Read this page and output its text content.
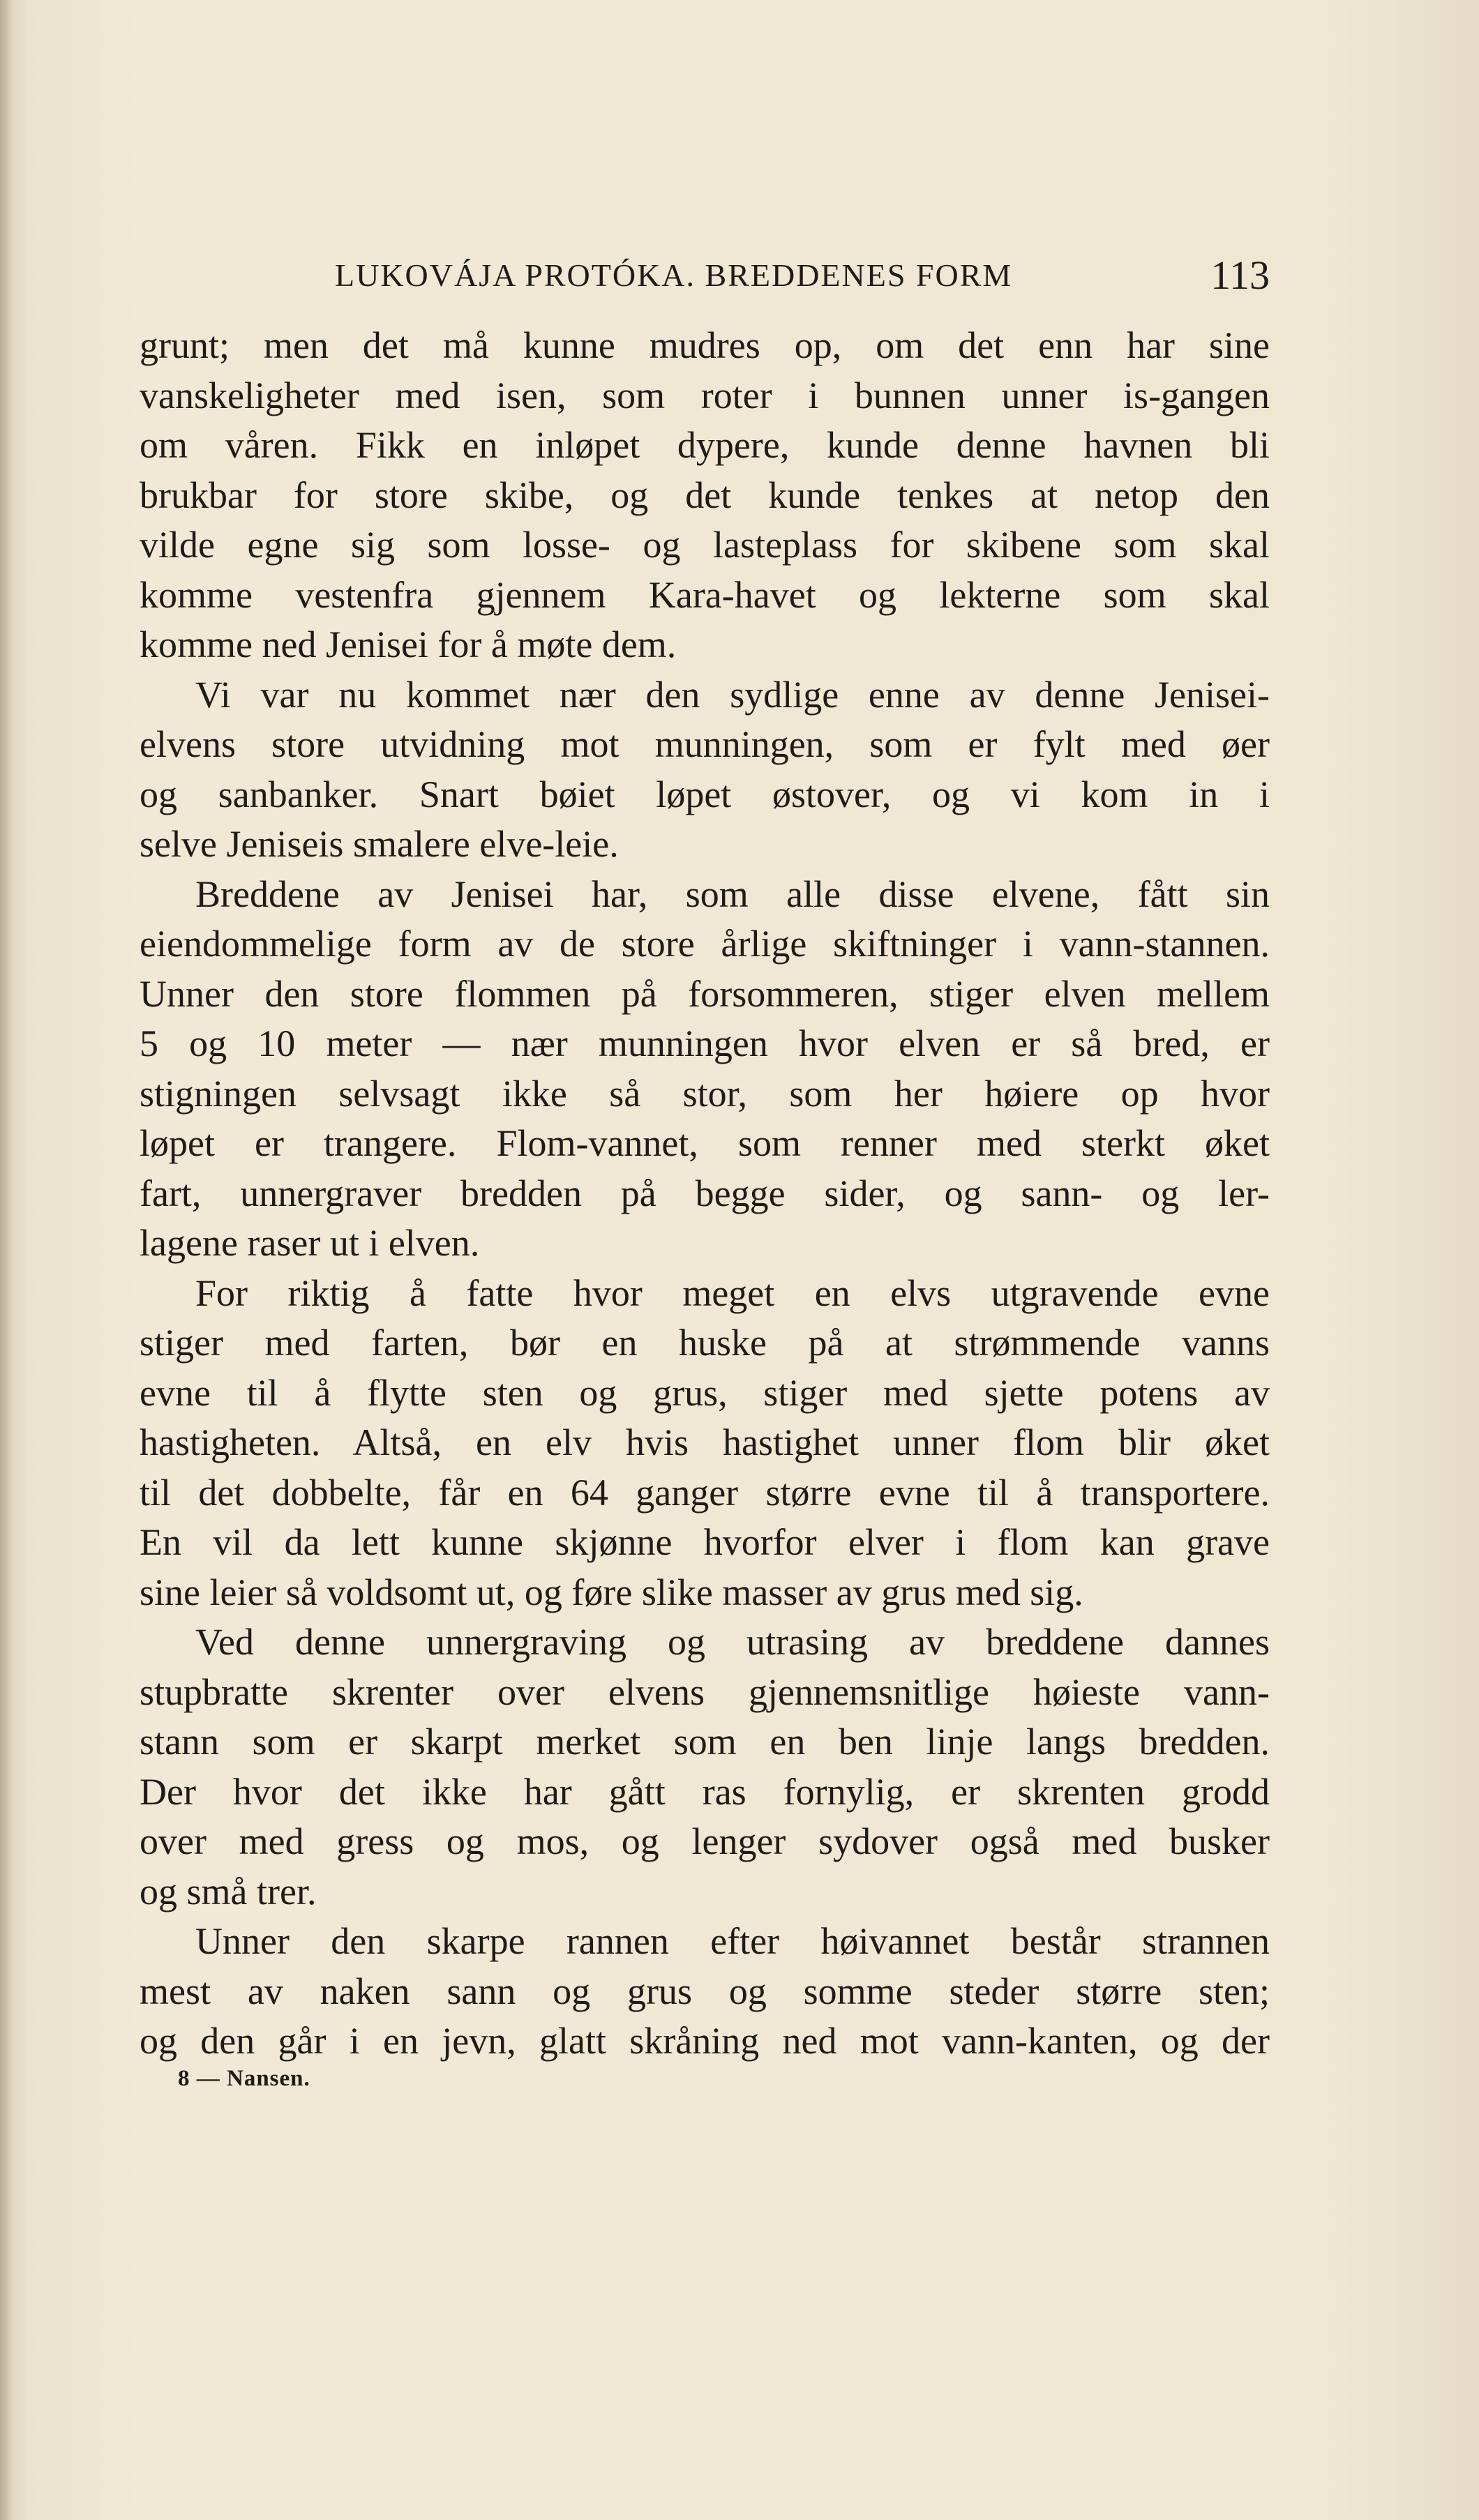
LUKOVÁJA PROTÓKA. BREDDENES FORM	113
grunt; men det må kunne mudres op, om det enn har sine
vanskeligheter med isen, som roter i bunnen unner is-gangen
om våren. Fikk en inløpet dypere, kunde denne havnen bli
brukbar for store skibe, og det kunde tenkes at netop den
vilde egne sig som losse- og lasteplass for skibene som skal
komme vestenfra gjennem Kara-havet og lekterne som skal
komme ned Jenisei for å møte dem.
Vi var nu kommet nær den sydlige enne av denne Jenisei-
elvens store utvidning mot munningen, som er fylt med øer
og sanbanker. Snart bøiet løpet østover, og vi kom in i
selve Jeniseis smalere elve-leie.
Breddene av Jenisei har, som alle disse elvene, fått sin
eiendommelige form av de store årlige skiftninger i vann-stannen.
Unner den store flommen på forsommeren, stiger elven mellem
5 og 10 meter — nær munningen hvor elven er så bred, er
stigningen selvsagt ikke så stor, som her høiere op hvor
løpet er trangere. Flom-vannet, som renner med sterkt øket
fart, unnergraver bredden på begge sider, og sann- og ler-
lagene raser ut i elven.
For riktig å fatte hvor meget en elvs utgravende evne
stiger med farten, bør en huske på at strømmende vanns
evne til å flytte sten og grus, stiger med sjette potens av
hastigheten. Altså, en elv hvis hastighet unner flom blir øket
til det dobbelte, får en 64 ganger større evne til å transportere.
En vil da lett kunne skjønne hvorfor elver i flom kan grave
sine leier så voldsomt ut, og føre slike masser av grus med sig.
Ved denne unnergraving og utrasing av breddene dannes
stupbratte skrenter over elvens gjennemsnitlige høieste vann-
stann som er skarpt merket som en ben linje langs bredden.
Der hvor det ikke har gått ras fornylig, er skrenten grodd
over med gress og mos, og lenger sydover også med busker
og små trer.
Unner den skarpe rannen efter høivannet består strannen
mest av naken sann og grus og somme steder større sten;
og den går i en jevn, glatt skråning ned mot vann-kanten, og der
8 — Nansen.
